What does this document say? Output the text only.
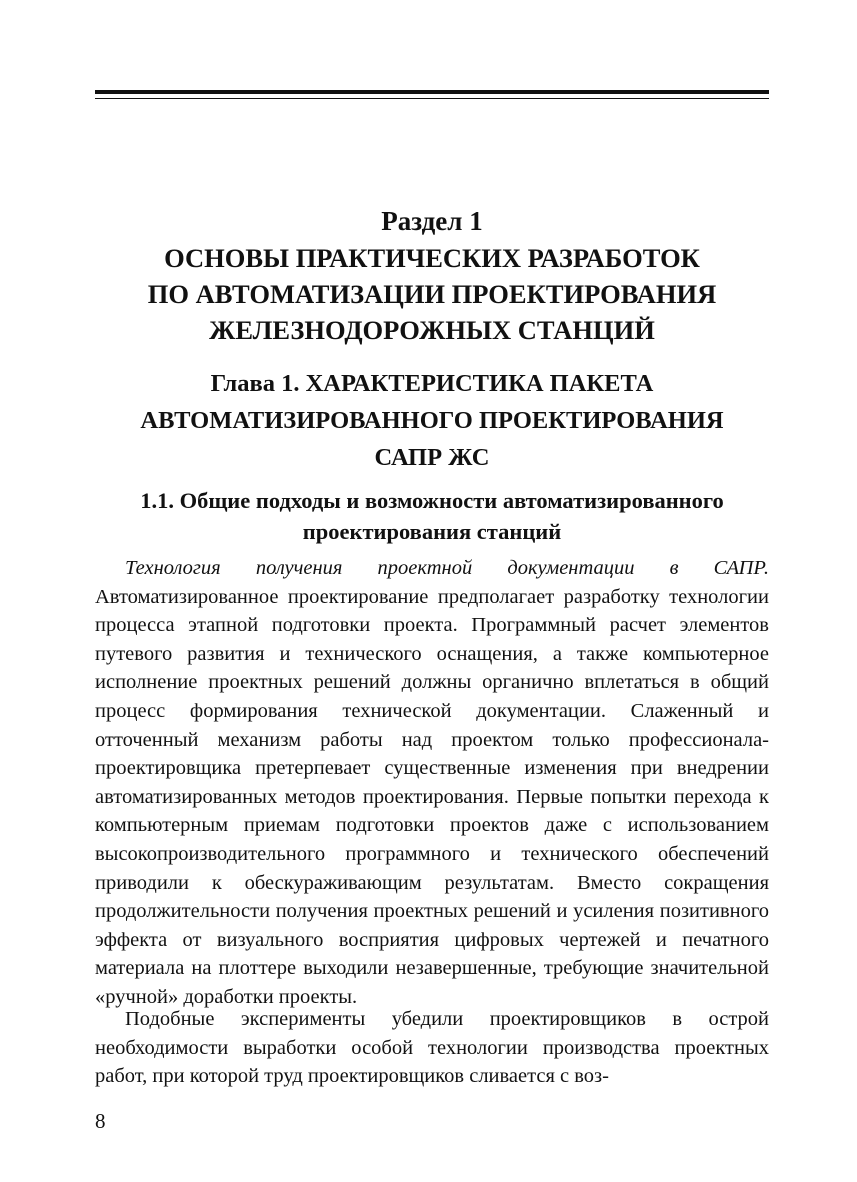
Раздел 1
ОСНОВЫ ПРАКТИЧЕСКИХ РАЗРАБОТОК
ПО АВТОМАТИЗАЦИИ ПРОЕКТИРОВАНИЯ
ЖЕЛЕЗНОДОРОЖНЫХ СТАНЦИЙ
Глава 1. ХАРАКТЕРИСТИКА ПАКЕТА
АВТОМАТИЗИРОВАННОГО ПРОЕКТИРОВАНИЯ
САПР ЖС
1.1. Общие подходы и возможности автоматизированного
проектирования станций

Технология получения проектной документации в САПР. Автоматизированное проектирование предполагает разработку технологии процесса этапной подготовки проекта. Программный расчет элементов путевого развития и технического оснащения, а также компьютерное исполнение проектных решений должны органично вплетаться в общий процесс формирования технической документации. Слаженный и отточенный механизм работы над проектом только профессионала-проектировщика претерпевает существенные изменения при внедрении автоматизированных методов проектирования. Первые попытки перехода к компьютерным приемам подготовки проектов даже с использованием высокопроизводительного программного и технического обеспечений приводили к обескураживающим результатам. Вместо сокращения продолжительности получения проектных решений и усиления позитивного эффекта от визуального восприятия цифровых чертежей и печатного материала на плоттере выходили незавершенные, требующие значительной «ручной» доработки проекты.

Подобные эксперименты убедили проектировщиков в острой необходимости выработки особой технологии производства проектных работ, при которой труд проектировщиков сливается с воз-

8
